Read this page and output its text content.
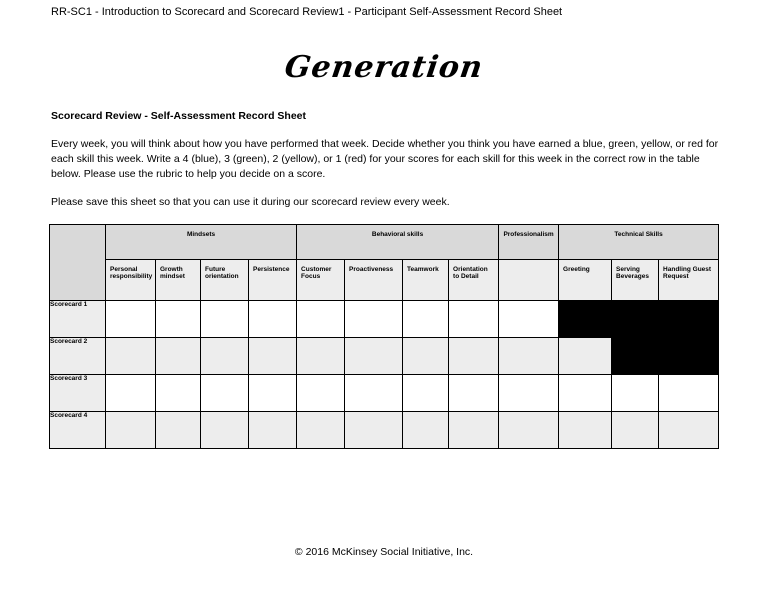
RR-SC1 - Introduction to Scorecard and Scorecard Review1 - Participant Self-Assessment Record Sheet
Generation
Scorecard Review - Self-Assessment Record Sheet
Every week, you will think about how you have performed that week. Decide whether you think you have earned a blue, green, yellow, or red for each skill this week. Write a 4 (blue), 3 (green), 2 (yellow), or 1 (red) for your scores for each skill for this week in the correct row in the table below. Please use the rubric to help you decide on a score.
Please save this sheet so that you can use it during our scorecard review every week.
	Mindsets				Behavioral skills				Professionalism	Technical Skills		
	Personal responsibility	Growth mindset	Future orientation	Persistence	Customer Focus	Proactiveness	Teamwork	Orientation to Detail		Greeting	Serving Beverages	Handling Guest Request
Scorecard 1												
Scorecard 2												
Scorecard 3												
Scorecard 4												
© 2016 McKinsey Social Initiative, Inc.
